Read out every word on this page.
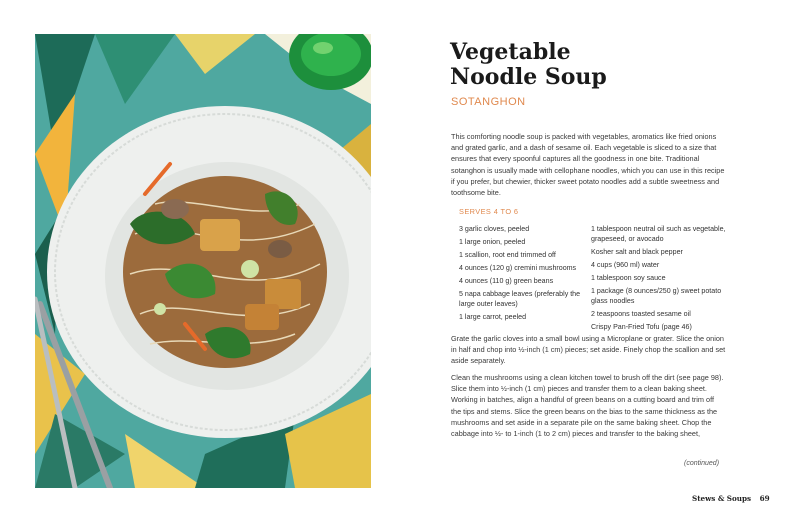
Vegetable
Noodle Soup

SOTANGHON

This comforting noodle soup is packed with vegetables, aromatics like fried onions and grated garlic, and a dash of sesame oil. Each vegetable is sliced to a size that ensures that every spoonful captures all the goodness in one bite. Traditional sotanghon is usually made with cellophane noodles, which you can use in this recipe if you prefer, but chewier, thicker sweet potato noodles add a subtle sweetness and toothsome bite.

SERVES 4 TO 6

3 garlic cloves, peeled
1 large onion, peeled
1 scallion, root end trimmed off
4 ounces (120 g) cremini mushrooms
4 ounces (110 g) green beans
5 napa cabbage leaves (preferably the large outer leaves)
1 large carrot, peeled
1 tablespoon neutral oil such as vegetable, grapeseed, or avocado
Kosher salt and black pepper
4 cups (960 ml) water
1 tablespoon soy sauce
1 package (8 ounces/250 g) sweet potato glass noodles
2 teaspoons toasted sesame oil
Crispy Pan-Fried Tofu (page 46)

Grate the garlic cloves into a small bowl using a Microplane or grater. Slice the onion in half and chop into ½-inch (1 cm) pieces; set aside. Finely chop the scallion and set aside separately.

Clean the mushrooms using a clean kitchen towel to brush off the dirt (see page 98). Slice them into ½-inch (1 cm) pieces and transfer them to a clean baking sheet. Working in batches, align a handful of green beans on a cutting board and trim off the tips and stems. Slice the green beans on the bias to the same thickness as the mushrooms and set aside in a separate pile on the same baking sheet. Chop the cabbage into ½- to 1-inch (1 to 2 cm) pieces and transfer to the baking sheet,

(continued)

Stews & Soups 69
